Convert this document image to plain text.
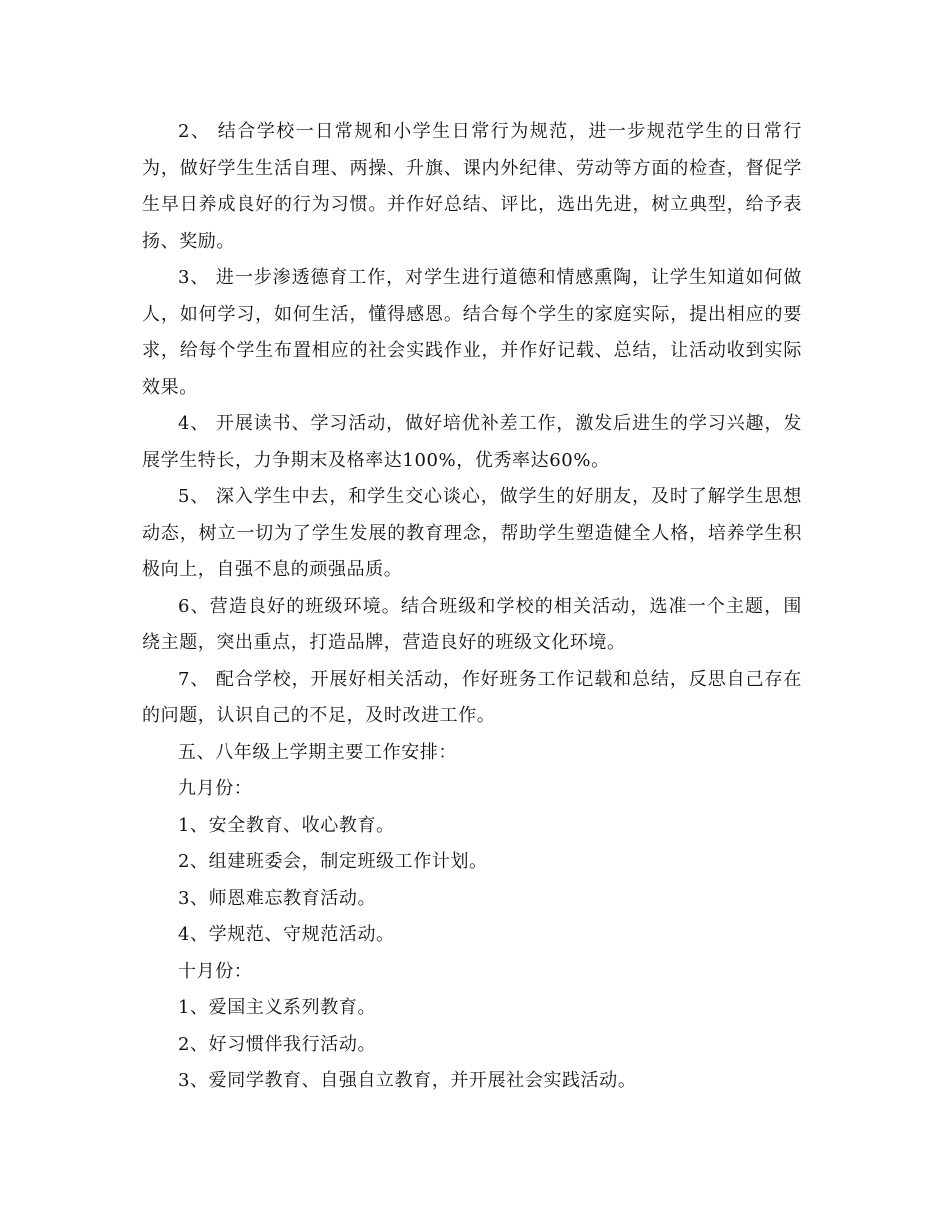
2、 结合学校一日常规和小学生日常行为规范，进一步规范学生的日常行为，做好学生生活自理、两操、升旗、课内外纪律、劳动等方面的检查，督促学生早日养成良好的行为习惯。并作好总结、评比，选出先进，树立典型，给予表扬、奖励。

3、 进一步渗透德育工作，对学生进行道德和情感熏陶，让学生知道如何做人，如何学习，如何生活，懂得感恩。结合每个学生的家庭实际，提出相应的要求，给每个学生布置相应的社会实践作业，并作好记载、总结，让活动收到实际效果。

4、 开展读书、学习活动，做好培优补差工作，激发后进生的学习兴趣，发展学生特长，力争期末及格率达100%，优秀率达60%。

5、 深入学生中去，和学生交心谈心，做学生的好朋友，及时了解学生思想动态，树立一切为了学生发展的教育理念，帮助学生塑造健全人格，培养学生积极向上，自强不息的顽强品质。

6、营造良好的班级环境。结合班级和学校的相关活动，选准一个主题，围绕主题，突出重点，打造品牌，营造良好的班级文化环境。

7、 配合学校，开展好相关活动，作好班务工作记载和总结，反思自己存在的问题，认识自己的不足，及时改进工作。

五、八年级上学期主要工作安排：

九月份：

1、安全教育、收心教育。

2、组建班委会，制定班级工作计划。

3、师恩难忘教育活动。

4、学规范、守规范活动。

十月份：

1、爱国主义系列教育。

2、好习惯伴我行活动。

3、爱同学教育、自强自立教育，并开展社会实践活动。
